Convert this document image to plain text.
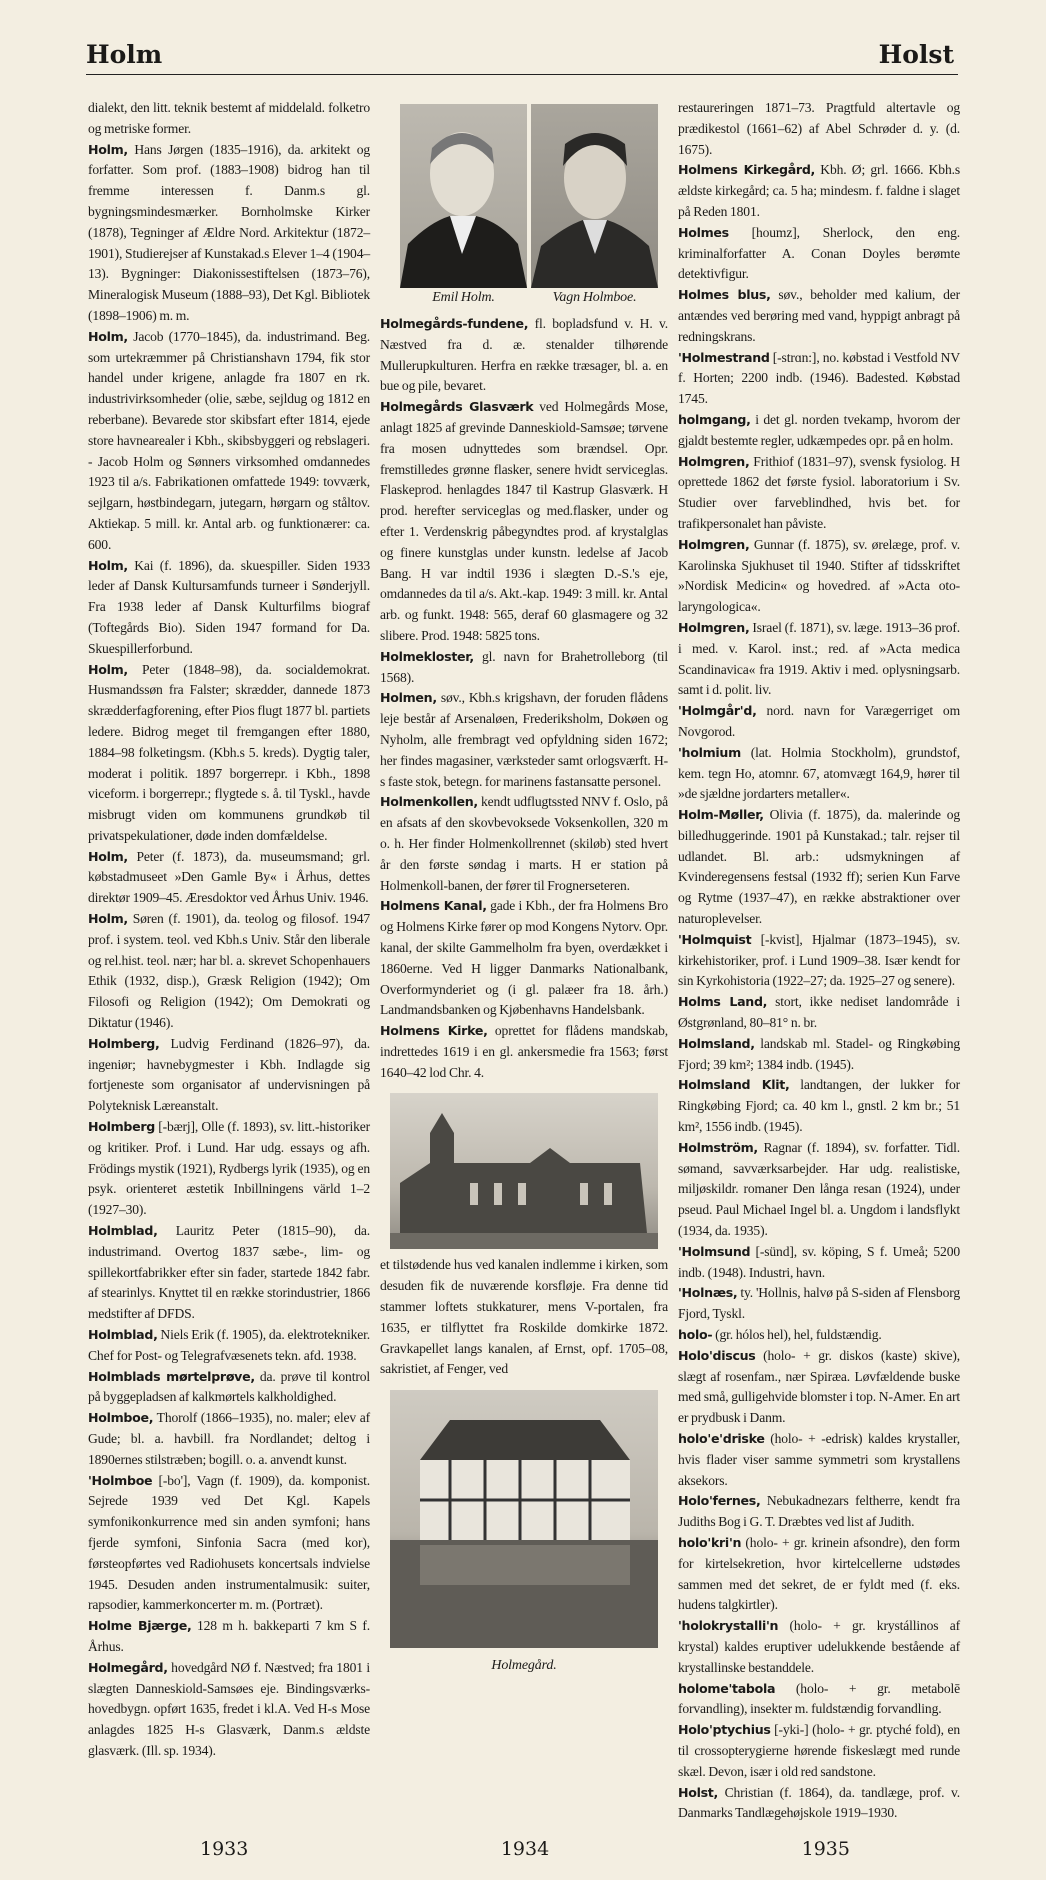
Holm	Holst

dialekt, den litt. teknik bestemt af middelald. folketro og metriske former.

Holm, Hans Jørgen (1835–1916), da. arkitekt og forfatter. Som prof. (1883–1908) bidrog han til fremme interessen f. Danm.s gl. bygningsmindesmærker. Bornholmske Kirker (1878), Tegninger af Ældre Nord. Arkitektur (1872–1901), Studierejser af Kunstakad.s Elever 1–4 (1904–13). Bygninger: Diakonissestiftelsen (1873–76), Mineralogisk Museum (1888–93), Det Kgl. Bibliotek (1898–1906) m. m.

Holm, Jacob (1770–1845), da. industrimand. Beg. som urtekræmmer på Christianshavn 1794, fik stor handel under krigene, anlagde fra 1807 en rk. industrivirksomheder (olie, sæbe, sejldug og 1812 en reberbane). Bevarede stor skibsfart efter 1814, ejede store havnearealer i Kbh., skibsbyggeri og rebslageri. - Jacob Holm og Sønners virksomhed omdannedes 1923 til a/s. Fabrikationen omfattede 1949: tovværk, sejlgarn, høstbindegarn, jutegarn, hørgarn og ståltov. Aktiekap. 5 mill. kr. Antal arb. og funktionærer: ca. 600.

Holm, Kai (f. 1896), da. skuespiller. Siden 1933 leder af Dansk Kultursamfunds turneer i Sønderjyll. Fra 1938 leder af Dansk Kulturfilms biograf (Toftegårds Bio). Siden 1947 formand for Da. Skuespillerforbund.

Holm, Peter (1848–98), da. socialdemokrat. Husmandssøn fra Falster; skrædder, dannede 1873 skrædderfagforening, efter Pios flugt 1877 bl. partiets ledere. Bidrog meget til fremgangen efter 1880, 1884–98 folketingsm. (Kbh.s 5. kreds). Dygtig taler, moderat i politik. 1897 borgerrepr. i Kbh., 1898 viceform. i borgerrepr.; flygtede s. å. til Tyskl., havde misbrugt viden om kommunens grundkøb til privatspekulationer, døde inden domfældelse.

Holm, Peter (f. 1873), da. museumsmand; grl. købstadmuseet »Den Gamle By« i Århus, dettes direktør 1909–45. Æresdoktor ved Århus Univ. 1946.

Holm, Søren (f. 1901), da. teolog og filosof. 1947 prof. i system. teol. ved Kbh.s Univ. Står den liberale og rel.hist. teol. nær; har bl. a. skrevet Schopenhauers Ethik (1932, disp.), Græsk Religion (1942); Om Filosofi og Religion (1942); Om Demokrati og Diktatur (1946).

Holmberg, Ludvig Ferdinand (1826–97), da. ingeniør; havnebygmester i Kbh. Indlagde sig fortjeneste som organisator af undervisningen på Polyteknisk Læreanstalt.

Holmberg [-bærj], Olle (f. 1893), sv. litt.-historiker og kritiker. Prof. i Lund. Har udg. essays og afh. Frödings mystik (1921), Rydbergs lyrik (1935), og en psyk. orienteret æstetik Inbillningens värld 1–2 (1927–30).

Holmblad, Lauritz Peter (1815–90), da. industrimand. Overtog 1837 sæbe-, lim- og spillekortfabrikker efter sin fader, startede 1842 fabr. af stearinlys. Knyttet til en række storindustrier, 1866 medstifter af DFDS.

Holmblad, Niels Erik (f. 1905), da. elektrotekniker. Chef for Post- og Telegrafvæsenets tekn. afd. 1938.

Holmblads mørtelprøve, da. prøve til kontrol på byggepladsen af kalkmørtels kalkholdighed.

Holmboe, Thorolf (1866–1935), no. maler; elev af Gude; bl. a. havbill. fra Nordlandet; deltog i 1890ernes stilstræben; bogill. o. a. anvendt kunst.

'Holmboe [-bo'], Vagn (f. 1909), da. komponist. Sejrede 1939 ved Det Kgl. Kapels symfonikonkurrence med sin anden symfoni; hans fjerde symfoni, Sinfonia Sacra (med kor), førsteopførtes ved Radiohusets koncertsals indvielse 1945. Desuden anden instrumentalmusik: suiter, rapsodier, kammerkoncerter m. m. (Portræt).

Holme Bjærge, 128 m h. bakkeparti 7 km S f. Århus.

Holmegård, hovedgård NØ f. Næstved; fra 1801 i slægten Danneskiold-Samsøes eje. Bindingsværks-hovedbygn. opført 1635, fredet i kl.A. Ved H-s Mose anlagdes 1825 H-s Glasværk, Danm.s ældste glasværk. (Ill. sp. 1934).

Emil Holm.	Vagn Holmboe.

Holmegårds-fundene, fl. bopladsfund v. H. v. Næstved fra d. æ. stenalder tilhørende Mullerupkulturen. Herfra en række træsager, bl. a. en bue og pile, bevaret.

Holmegårds Glasværk ved Holmegårds Mose, anlagt 1825 af grevinde Danneskiold-Samsøe; tørvene fra mosen udnyttedes som brændsel. Opr. fremstilledes grønne flasker, senere hvidt serviceglas. Flaskeprod. henlagdes 1847 til Kastrup Glasværk. H prod. herefter serviceglas og med.flasker, under og efter 1. Verdenskrig påbegyndtes prod. af krystalglas og finere kunstglas under kunstn. ledelse af Jacob Bang. H var indtil 1936 i slægten D.-S.'s eje, omdannedes da til a/s. Akt.-kap. 1949: 3 mill. kr. Antal arb. og funkt. 1948: 565, deraf 60 glasmagere og 32 slibere. Prod. 1948: 5825 tons.

Holmekloster, gl. navn for Brahetrolleborg (til 1568).

Holmen, søv., Kbh.s krigshavn, der foruden flådens leje består af Arsenaløen, Frederiksholm, Dokøen og Nyholm, alle frembragt ved opfyldning siden 1672; her findes magasiner, værksteder samt orlogsværft. H-s faste stok, betegn. for marinens fastansatte personel.

Holmenkollen, kendt udflugtssted NNV f. Oslo, på en afsats af den skovbevoksede Voksenkollen, 320 m o. h. Her finder Holmenkollrennet (skiløb) sted hvert år den første søndag i marts. H er station på Holmenkoll-banen, der fører til Frognerseteren.

Holmens Kanal, gade i Kbh., der fra Holmens Bro og Holmens Kirke fører op mod Kongens Nytorv. Opr. kanal, der skilte Gammelholm fra byen, overdækket i 1860erne. Ved H ligger Danmarks Nationalbank, Overformynderiet og (i gl. palæer fra 18. årh.) Landmandsbanken og Kjøbenhavns Handelsbank.

Holmens Kirke, oprettet for flådens mandskab, indrettedes 1619 i en gl. ankersmedie fra 1563; først 1640–42 lod Chr. 4.

et tilstødende hus ved kanalen indlemme i kirken, som desuden fik de nuværende korsfløje. Fra denne tid stammer loftets stukkaturer, mens V-portalen, fra 1635, er tilflyttet fra Roskilde domkirke 1872. Gravkapellet langs kanalen, af Ernst, opf. 1705–08, sakristiet, af Fenger, ved

Holmegård.

restaureringen 1871–73. Pragtfuld altertavle og prædikestol (1661–62) af Abel Schrøder d. y. (d. 1675).

Holmens Kirkegård, Kbh. Ø; grl. 1666. Kbh.s ældste kirkegård; ca. 5 ha; mindesm. f. faldne i slaget på Reden 1801.

Holmes [houmz], Sherlock, den eng. kriminalforfatter A. Conan Doyles berømte detektivfigur.

Holmes blus, søv., beholder med kalium, der antændes ved berøring med vand, hyppigt anbragt på redningskrans.

'Holmestrand [-strɑn:], no. købstad i Vestfold NV f. Horten; 2200 indb. (1946). Badested. Købstad 1745.

holmgang, i det gl. norden tvekamp, hvorom der gjaldt bestemte regler, udkæmpedes opr. på en holm.

Holmgren, Frithiof (1831–97), svensk fysiolog. H oprettede 1862 det første fysiol. laboratorium i Sv. Studier over farveblindhed, hvis bet. for trafikpersonalet han påviste.

Holmgren, Gunnar (f. 1875), sv. ørelæge, prof. v. Karolinska Sjukhuset til 1940. Stifter af tidsskriftet »Nordisk Medicin« og hovedred. af »Acta oto-laryngologica«.

Holmgren, Israel (f. 1871), sv. læge. 1913–36 prof. i med. v. Karol. inst.; red. af »Acta medica Scandinavica« fra 1919. Aktiv i med. oplysningsarb. samt i d. polit. liv.

'Holmgår'd, nord. navn for Varægerriget om Novgorod.

'holmium (lat. Holmia Stockholm), grundstof, kem. tegn Ho, atomnr. 67, atomvægt 164,9, hører til »de sjældne jordarters metaller«.

Holm-Møller, Olivia (f. 1875), da. malerinde og billedhuggerinde. 1901 på Kunstakad.; talr. rejser til udlandet. Bl. arb.: udsmykningen af Kvinderegensens festsal (1932 ff); serien Kun Farve og Rytme (1937–47), en række abstraktioner over naturoplevelser.

'Holmquist [-kvist], Hjalmar (1873–1945), sv. kirkehistoriker, prof. i Lund 1909–38. Især kendt for sin Kyrkohistoria (1922–27; da. 1925–27 og senere).

Holms Land, stort, ikke nediset landområde i Østgrønland, 80–81° n. br.

Holmsland, landskab ml. Stadel- og Ringkøbing Fjord; 39 km²; 1384 indb. (1945).

Holmsland Klit, landtangen, der lukker for Ringkøbing Fjord; ca. 40 km l., gnstl. 2 km br.; 51 km², 1556 indb. (1945).

Holmström, Ragnar (f. 1894), sv. forfatter. Tidl. sømand, savværksarbejder. Har udg. realistiske, miljøskildr. romaner Den långa resan (1924), under pseud. Paul Michael Ingel bl. a. Ungdom i landsflykt (1934, da. 1935).

'Holmsund [-sünd], sv. köping, S f. Umeå; 5200 indb. (1948). Industri, havn.

'Holnæs, ty. 'Hollnis, halvø på S-siden af Flensborg Fjord, Tyskl.

holo- (gr. hólos hel), hel, fuldstændig.

Holo'discus (holo- + gr. diskos (kaste) skive), slægt af rosenfam., nær Spiræa. Løvfældende buske med små, gulligehvide blomster i top. N-Amer. En art er prydbusk i Danm.

holo'e'driske (holo- + -edrisk) kaldes krystaller, hvis flader viser samme symmetri som krystallens aksekors.

Holo'fernes, Nebukadnezars feltherre, kendt fra Judiths Bog i G. T. Dræbtes ved list af Judith.

holo'kri'n (holo- + gr. krinein afsondre), den form for kirtelsekretion, hvor kirtelcellerne udstødes sammen med det sekret, de er fyldt med (f. eks. hudens talgkirtler).

'holokrystalli'n (holo- + gr. krystállinos af krystal) kaldes eruptiver udelukkende bestående af krystallinske bestanddele.

holome'tabola (holo- + gr. metabolē forvandling), insekter m. fuldstændig forvandling.

Holo'ptychius [-yki-] (holo- + gr. ptyché fold), en til crossopterygierne hørende fiskeslægt med runde skæl. Devon, især i old red sandstone.

Holst, Christian (f. 1864), da. tandlæge, prof. v. Danmarks Tandlægehøjskole 1919–1930.

1933	1934	1935
